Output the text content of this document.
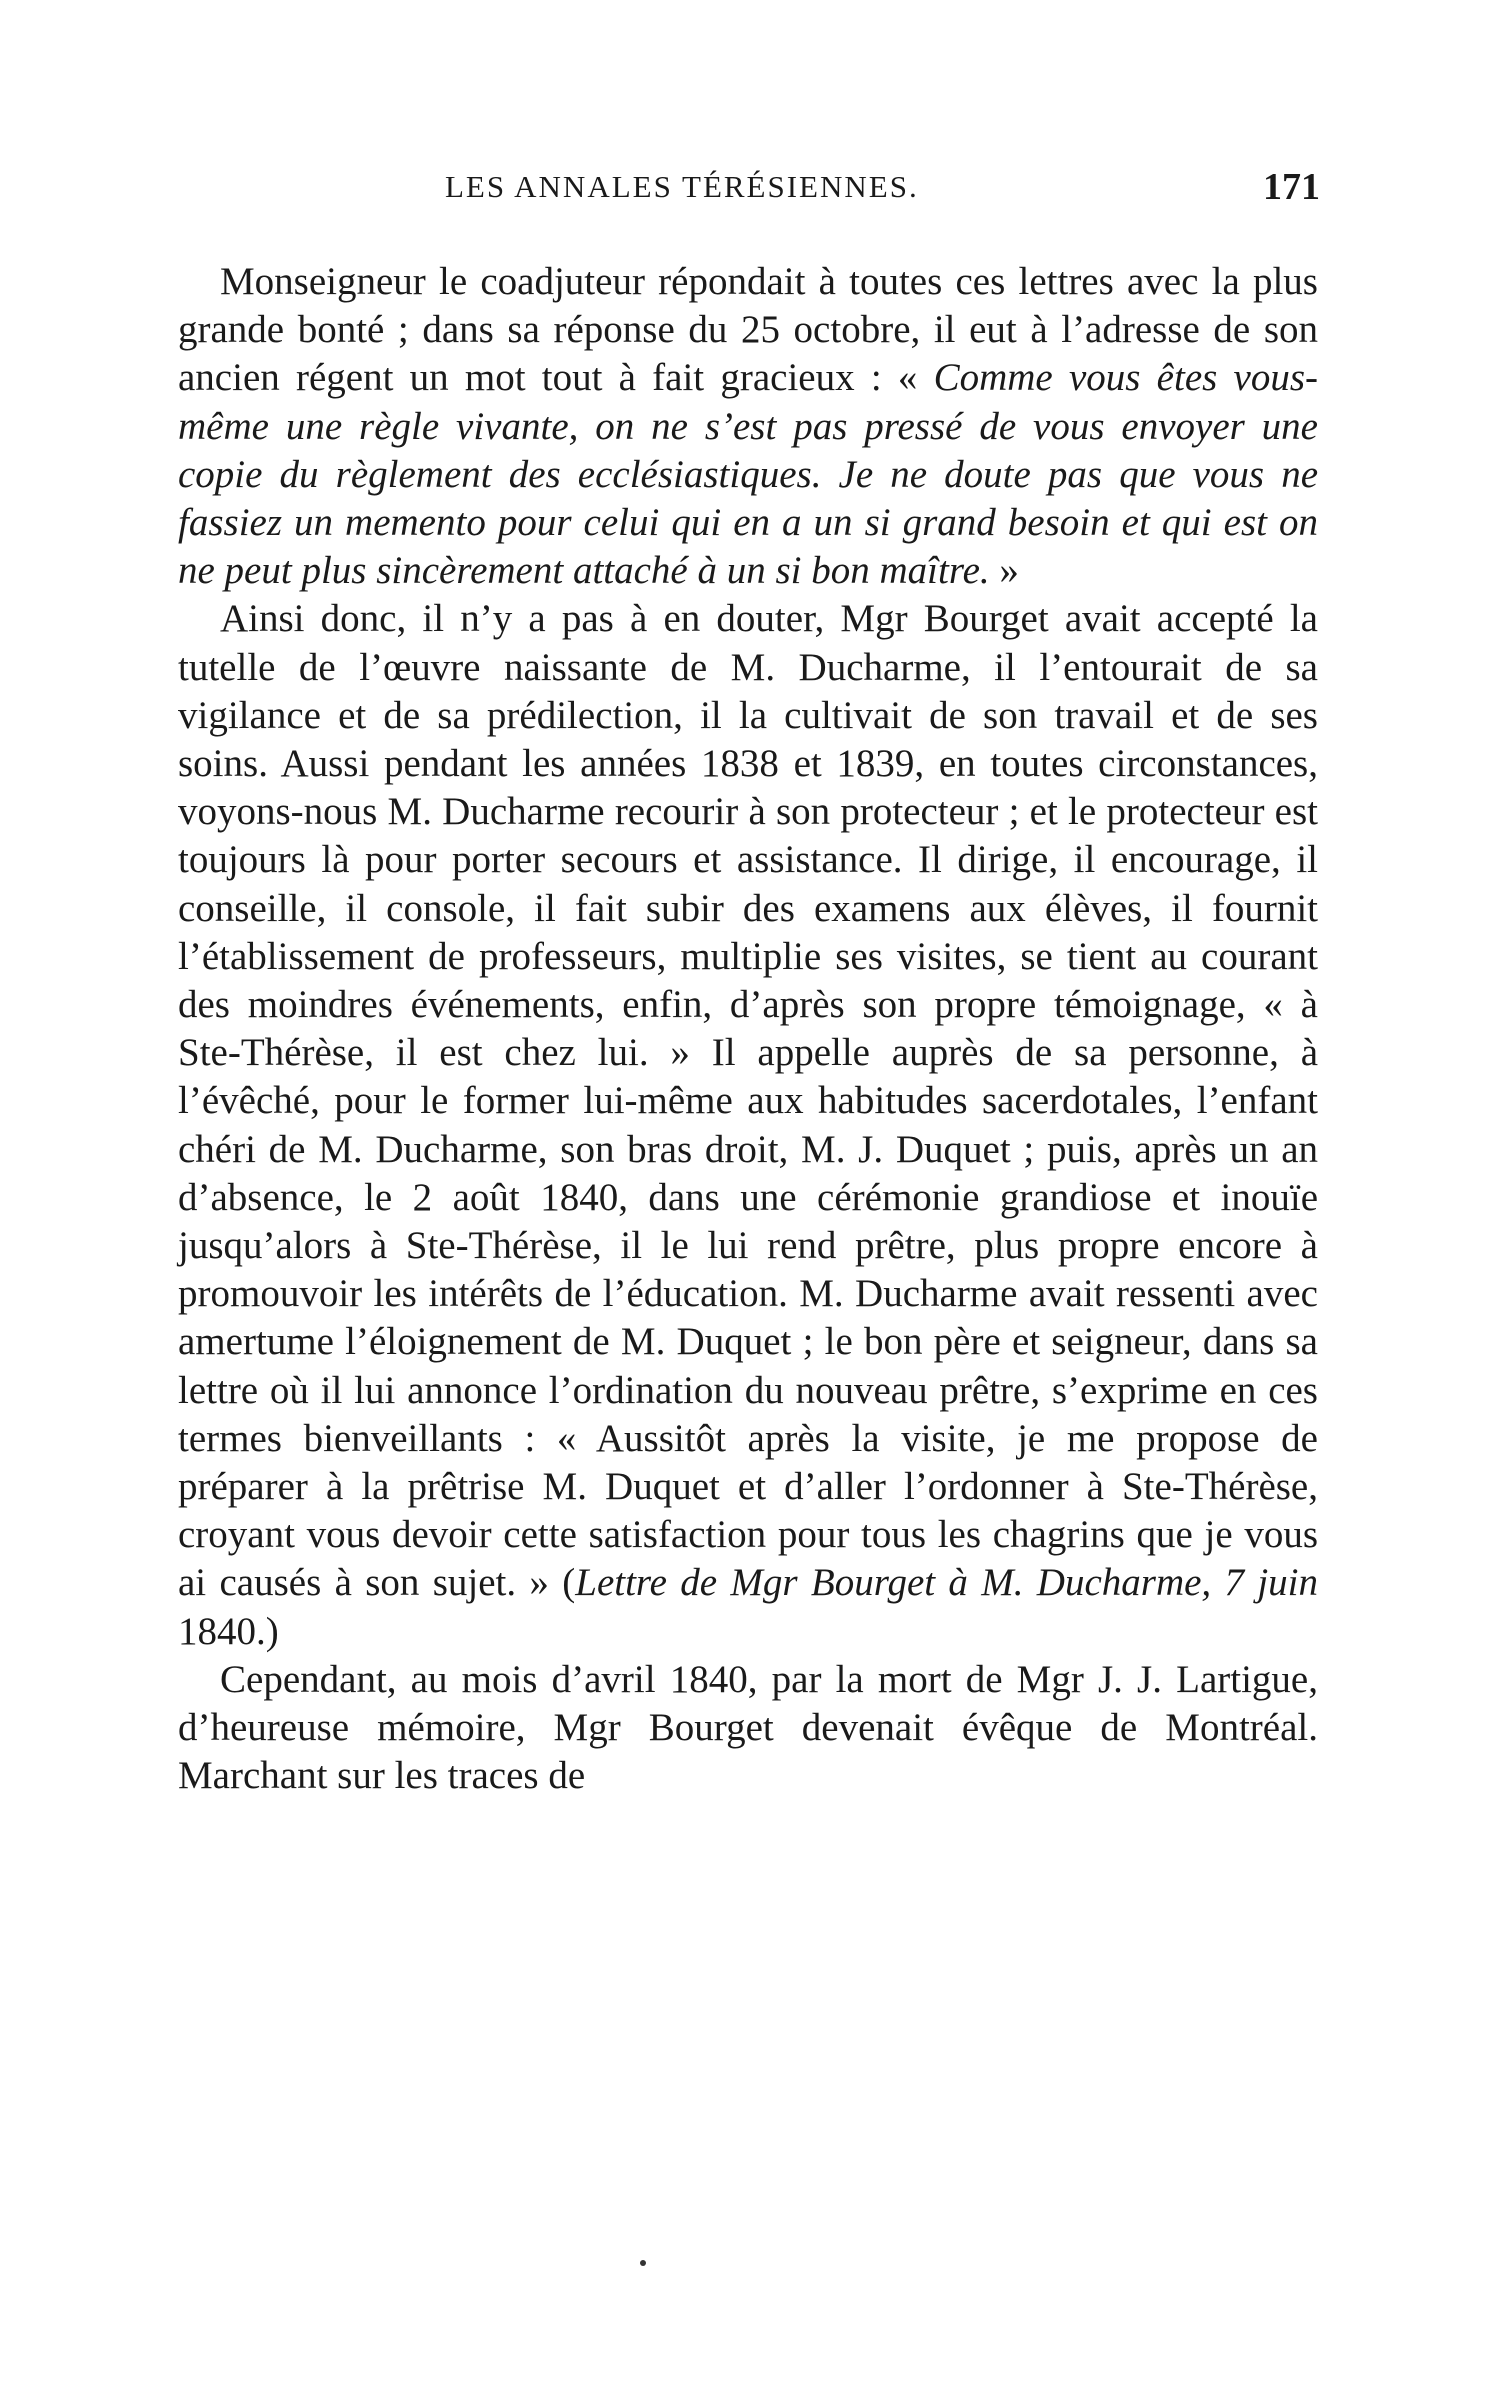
LES ANNALES TÉRÉSIENNES.	171

Monseigneur le coadjuteur répondait à toutes ces lettres avec la plus grande bonté ; dans sa réponse du 25 octobre, il eut à l’adresse de son ancien régent un mot tout à fait gracieux : « Comme vous êtes vous-même une règle vivante, on ne s’est pas pressé de vous envoyer une copie du règlement des ecclésiastiques. Je ne doute pas que vous ne fassiez un memento pour celui qui en a un si grand besoin et qui est on ne peut plus sincèrement attaché à un si bon maître. »

Ainsi donc, il n’y a pas à en douter, Mgr Bourget avait accepté la tutelle de l’œuvre naissante de M. Ducharme, il l’entourait de sa vigilance et de sa prédilection, il la cultivait de son travail et de ses soins. Aussi pendant les années 1838 et 1839, en toutes circonstances, voyons-nous M. Ducharme recourir à son protecteur ; et le protecteur est toujours là pour porter secours et assistance. Il dirige, il encourage, il conseille, il console, il fait subir des examens aux élèves, il fournit l’établissement de professeurs, multiplie ses visites, se tient au courant des moindres événements, enfin, d’après son propre témoignage, « à Ste-Thérèse, il est chez lui. » Il appelle auprès de sa personne, à l’évêché, pour le former lui-même aux habitudes sacerdotales, l’enfant chéri de M. Ducharme, son bras droit, M. J. Duquet ; puis, après un an d’absence, le 2 août 1840, dans une cérémonie grandiose et inouïe jusqu’alors à Ste-Thérèse, il le lui rend prêtre, plus propre encore à promouvoir les intérêts de l’éducation. M. Ducharme avait ressenti avec amertume l’éloignement de M. Duquet ; le bon père et seigneur, dans sa lettre où il lui annonce l’ordination du nouveau prêtre, s’exprime en ces termes bienveillants : « Aussitôt après la visite, je me propose de préparer à la prêtrise M. Duquet et d’aller l’ordonner à Ste-Thérèse, croyant vous devoir cette satisfaction pour tous les chagrins que je vous ai causés à son sujet. » (Lettre de Mgr Bourget à M. Ducharme, 7 juin 1840.)

Cependant, au mois d’avril 1840, par la mort de Mgr J. J. Lartigue, d’heureuse mémoire, Mgr Bourget devenait évêque de Montréal. Marchant sur les traces de
